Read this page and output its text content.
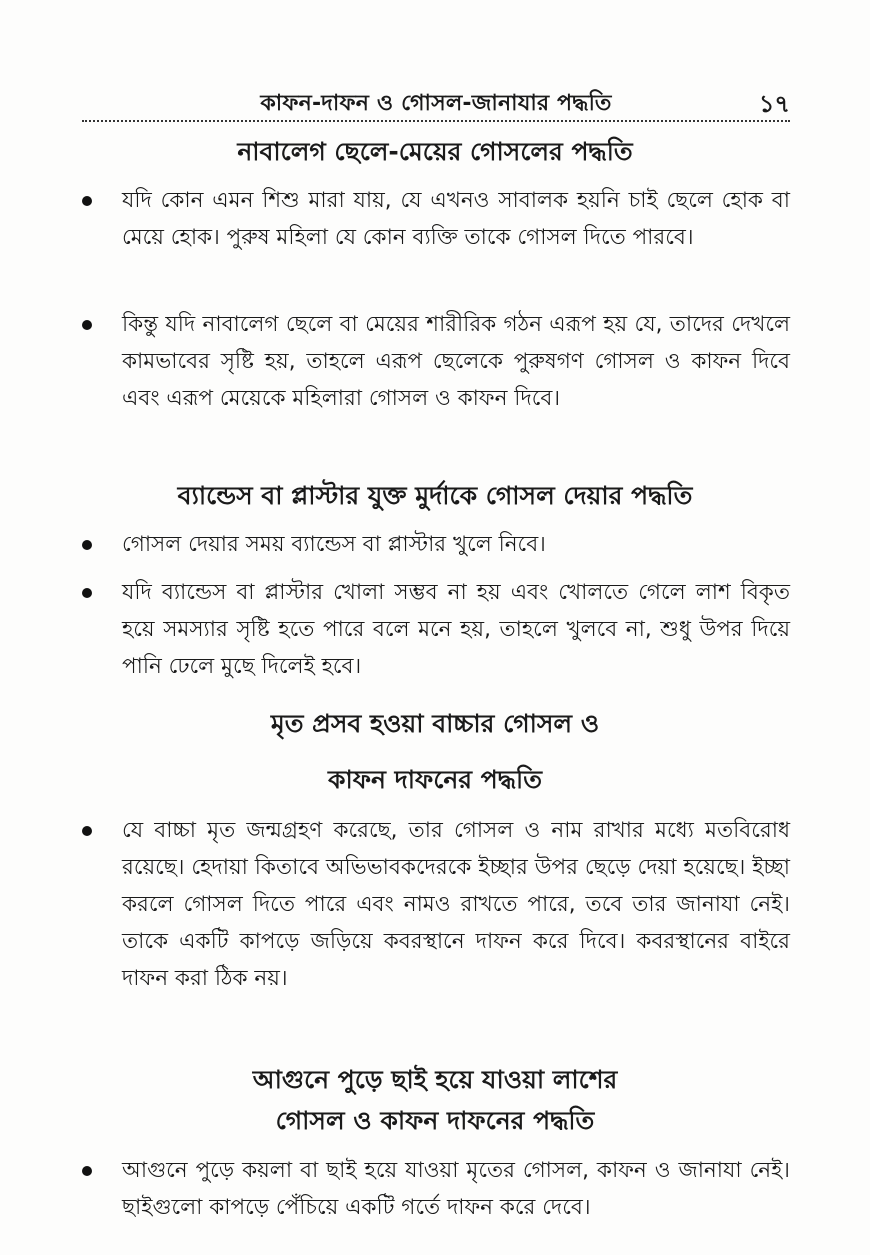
কাফন-দাফন ও গোসল-জানাযার পদ্ধতি	১৭
নাবালেগ ছেলে-মেয়ের গোসলের পদ্ধতি
যদি কোন এমন শিশু মারা যায়, যে এখনও সাবালক হয়নি চাই ছেলে হোক বা মেয়ে হোক। পুরুষ মহিলা যে কোন ব্যক্তি তাকে গোসল দিতে পারবে।
কিন্তু যদি নাবালেগ ছেলে বা মেয়ের শারীরিক গঠন এরূপ হয় যে, তাদের দেখলে কামভাবের সৃষ্টি হয়, তাহলে এরূপ ছেলেকে পুরুষগণ গোসল ও কাফন দিবে এবং এরূপ মেয়েকে মহিলারা গোসল ও কাফন দিবে।
ব্যান্ডেস বা প্লাস্টার যুক্ত মুর্দাকে গোসল দেয়ার পদ্ধতি
গোসল দেয়ার সময় ব্যান্ডেস বা প্লাস্টার খুলে নিবে।
যদি ব্যান্ডেস বা প্লাস্টার খোলা সম্ভব না হয় এবং খোলতে গেলে লাশ বিকৃত হয়ে সমস্যার সৃষ্টি হতে পারে বলে মনে হয়, তাহলে খুলবে না, শুধু উপর দিয়ে পানি ঢেলে মুছে দিলেই হবে।
মৃত প্রসব হওয়া বাচ্চার গোসল ও
কাফন দাফনের পদ্ধতি
যে বাচ্চা মৃত জন্মগ্রহণ করেছে, তার গোসল ও নাম রাখার মধ্যে মতবিরোধ রয়েছে। হেদায়া কিতাবে অভিভাবকদেরকে ইচ্ছার উপর ছেড়ে দেয়া হয়েছে। ইচ্ছা করলে গোসল দিতে পারে এবং নামও রাখতে পারে, তবে তার জানাযা নেই। তাকে একটি কাপড়ে জড়িয়ে কবরস্থানে দাফন করে দিবে। কবরস্থানের বাইরে দাফন করা ঠিক নয়।
আগুনে পুড়ে ছাই হয়ে যাওয়া লাশের
গোসল ও কাফন দাফনের পদ্ধতি
আগুনে পুড়ে কয়লা বা ছাই হয়ে যাওয়া মৃতের গোসল, কাফন ও জানাযা নেই। ছাইগুলো কাপড়ে পেঁচিয়ে একটি গর্তে দাফন করে দেবে।
